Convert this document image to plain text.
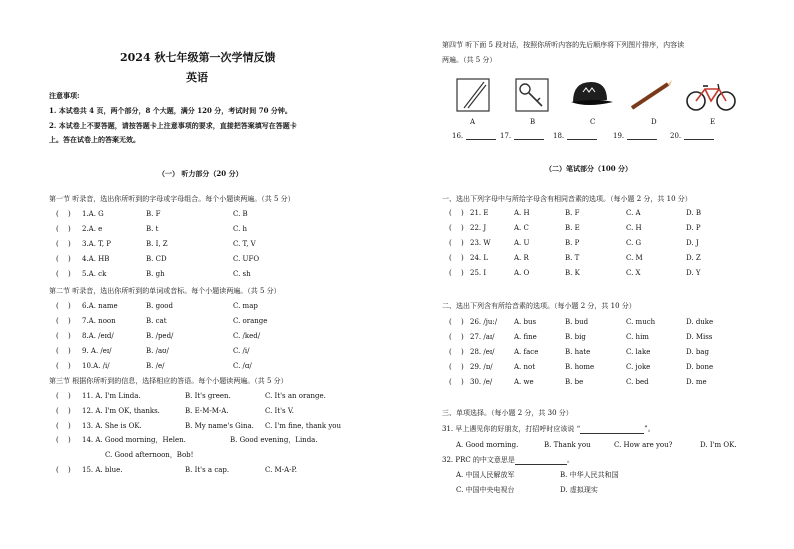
2024 秋七年级第一次学情反馈
英语
注意事项:
1. 本试卷共 4 页，两个部分，8 个大题，满分 120 分，考试时间 70 分钟。
2. 本试卷上不要答题，请按答题卡上注意事项的要求，直接把答案填写在答题卡
上。答在试卷上的答案无效。
（一） 听力部分（20 分）
第一节 听录音，选出你所听到的字母或字母组合。每个小题读两遍。（共 5 分）
(　 ) 1.A. G	B. F	C. B
(　 ) 2.A. e	B. t	C. h
(　 ) 3.A. T, P	B. I, Z	C. T, V
(　 ) 4.A. HB	B. CD	C. UFO
(　 ) 5.A. ck	B. gh	C. sh
第二节 听录音，选出你所听到的单词或音标。每个小题读两遍。（共 5 分）
(　 ) 6.A. name	B. good	C. map
(　 ) 7.A. noon	B. cat	C. orange
(　 ) 8.A. /eɪd/	B. /ped/	C. /ked/
(　 ) 9. A. /eɪ/	B. /aʊ/	C. /i/
(　 ) 10.A. /i/	B. /e/	C. /ɑ/
第三节 根据你所听到的信息，选择相应的答语。每个小题读两遍。（共 5 分）
(　 ) 11. A. I'm Linda.	B. It's green.	C. It's an orange.
(　 ) 12. A. I'm OK, thanks.	B. E-M-M-A.	C. It's V.
(　 ) 13. A. She is OK.	B. My name's Gina. C. I'm fine, thank you
(　 ) 14. A. Good morning，Helen.	B. Good evening，Linda.
C. Good afternoon，Bob!
(　 ) 15. A. blue.	B. It's a cap.	C. M-A-P.
第四节 听下面 5 段对话，按照你所听内容的先后顺序将下列图片排序，内容读
两遍。（共 5 分）
A	B	C	D	E
16.	17.	18.	19.	20.
（二）笔试部分（100 分）
一、选出下列字母中与所给字母含有相同音素的选项。（每小题 2 分，共 10 分）
(　 ) 21. E	A. H	B. F	C. A	D. B
(　 ) 22. J	A. C	B. E	C. H	D. P
(　 ) 23. W	A. U	B. P	C. G	D. J
(　 ) 24. L	A. R	B. T	C. M	D. Z
(　 ) 25. I	A. O	B. K	C. X	D. Y
二、选出下列含有所给音素的选项。（每小题 2 分，共 10 分）
(　 ) 26. /ju:/ A. bus	B. bud	C. much	D. duke
(　 ) 27. /aɪ/	A. fine	B. big	C. him	D. Miss
(　 ) 28. /eɪ/	A. face	B. hate	C. lake	D. bag
(　 ) 29. /ɒ/	A. not	B. home	C. joke	D. bone
(　 ) 30. /e/	A. we	B. be	C. bed	D. me
三、单项选择。（每小题 2 分，共 30 分）
31. 早上遇见你的好朋友，打招呼时应该说 “	”。
A. Good morning.	B. Thank you	C. How are you?	D. I'm OK.
32. PRC 的中文意思是	。
A. 中国人民解放军	B. 中华人民共和国
C. 中国中央电视台	D. 虚拟现实
